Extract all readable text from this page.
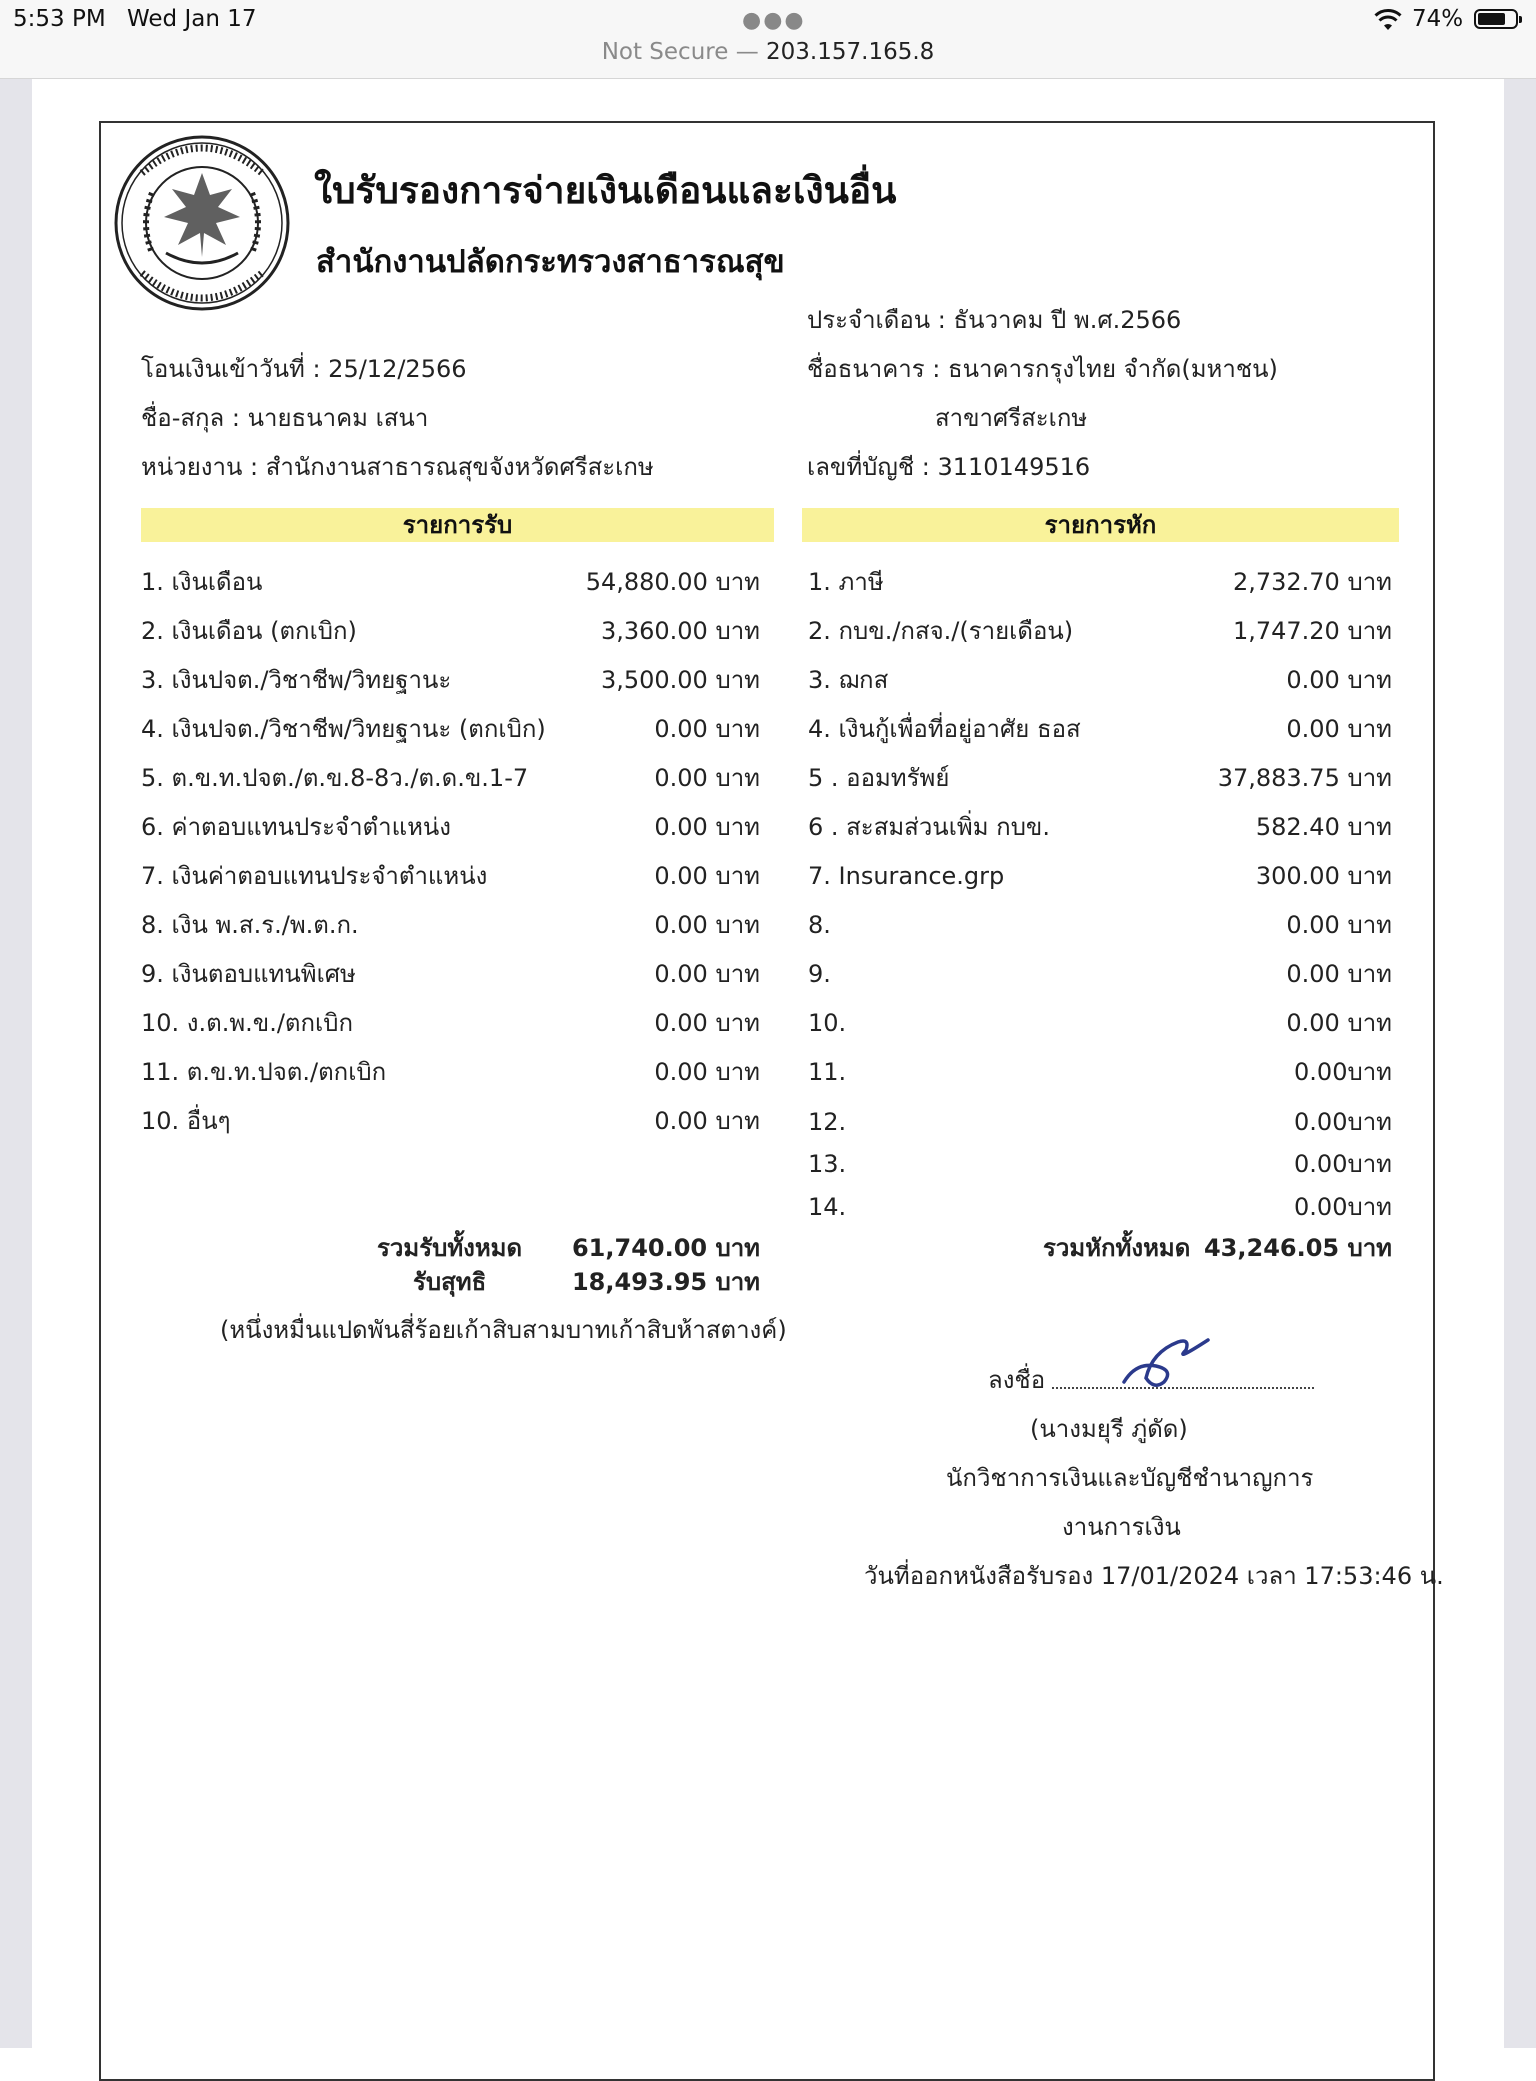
5:53 PM Wed Jan 17	●●●	74%
Not Secure — 203.157.165.8
ใบรับรองการจ่ายเงินเดือนและเงินอื่น
สำนักงานปลัดกระทรวงสาธารณสุข
ประจำเดือน : ธันวาคม ปี พ.ศ.2566
โอนเงินเข้าวันที่ : 25/12/2566	ชื่อธนาคาร : ธนาคารกรุงไทย จำกัด(มหาชน)
ชื่อ-สกุล : นายธนาคม เสนา	สาขาศรีสะเกษ
หน่วยงาน : สำนักงานสาธารณสุขจังหวัดศรีสะเกษ	เลขที่บัญชี : 3110149516
รายการรับ	รายการหัก
1. เงินเดือน	54,880.00 บาท
2. เงินเดือน (ตกเบิก)	3,360.00 บาท
3. เงินปจต./วิชาชีพ/วิทยฐานะ	3,500.00 บาท
4. เงินปจต./วิชาชีพ/วิทยฐานะ (ตกเบิก)	0.00 บาท
5. ต.ข.ท.ปจต./ต.ข.8-8ว./ต.ด.ข.1-7	0.00 บาท
6. ค่าตอบแทนประจำตำแหน่ง	0.00 บาท
7. เงินค่าตอบแทนประจำตำแหน่ง	0.00 บาท
8. เงิน พ.ส.ร./พ.ต.ก.	0.00 บาท
9. เงินตอบแทนพิเศษ	0.00 บาท
10. ง.ต.พ.ข./ตกเบิก	0.00 บาท
11. ต.ข.ท.ปจต./ตกเบิก	0.00 บาท
10. อื่นๆ	0.00 บาท
1. ภาษี	2,732.70 บาท
2. กบข./กสจ./(รายเดือน)	1,747.20 บาท
3. ฌกส	0.00 บาท
4. เงินกู้เพื่อที่อยู่อาศัย ธอส	0.00 บาท
5 . ออมทรัพย์	37,883.75 บาท
6 . สะสมส่วนเพิ่ม กบข.	582.40 บาท
7. Insurance.grp	300.00 บาท
8.	0.00 บาท
9.	0.00 บาท
10.	0.00 บาท
11.	0.00บาท
12.	0.00บาท
13.	0.00บาท
14.	0.00บาท
รวมรับทั้งหมด	61,740.00 บาท
รับสุทธิ	18,493.95 บาท
(หนึ่งหมื่นแปดพันสี่ร้อยเก้าสิบสามบาทเก้าสิบห้าสตางค์)
รวมหักทั้งหมด 43,246.05 บาท
ลงชื่อ
(นางมยุรี ภู่ดัด)
นักวิชาการเงินและบัญชีชำนาญการ
งานการเงิน
วันที่ออกหนังสือรับรอง 17/01/2024 เวลา 17:53:46 น.
